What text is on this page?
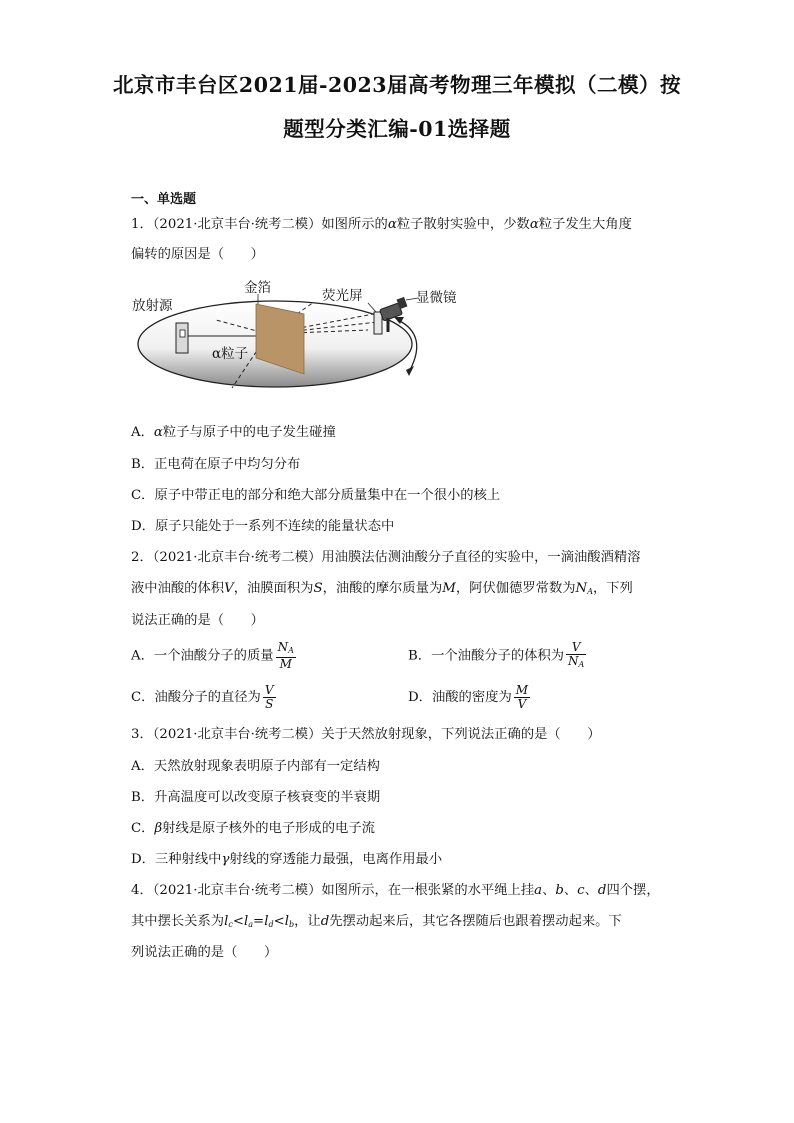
北京市丰台区2021届-2023届高考物理三年模拟（二模）按
题型分类汇编-01选择题
一、单选题
1．（2021·北京丰台·统考二模）如图所示的α粒子散射实验中，少数α粒子发生大角度
偏转的原因是（　　）
放射源
金箔	荧光屏	显微镜
α粒子
A．α粒子与原子中的电子发生碰撞
B．正电荷在原子中均匀分布
C．原子中带正电的部分和绝大部分质量集中在一个很小的核上
D．原子只能处于一系列不连续的能量状态中
2．（2021·北京丰台·统考二模）用油膜法估测油酸分子直径的实验中，一滴油酸酒精溶
液中油酸的体积V，油膜面积为S，油酸的摩尔质量为M，阿伏伽德罗常数为$N_A$，下列
说法正确的是（　　）
A．一个油酸分子的质量 $\frac{N_A}{M}$	B．一个油酸分子的体积为 $\frac{V}{N_A}$
C．油酸分子的直径为 $\frac{V}{S}$	D．油酸的密度为 $\frac{M}{V}$
3．（2021·北京丰台·统考二模）关于天然放射现象，下列说法正确的是（　　）
A．天然放射现象表明原子内部有一定结构
B．升高温度可以改变原子核衰变的半衰期
C．β射线是原子核外的电子形成的电子流
D．三种射线中γ射线的穿透能力最强，电离作用最小
4．（2021·北京丰台·统考二模）如图所示，在一根张紧的水平绳上挂a、b、c、d四个摆，
其中摆长关系为$l_c<l_a=l_d<l_b$，让d先摆动起来后，其它各摆随后也跟着摆动起来。下
列说法正确的是（　　）
